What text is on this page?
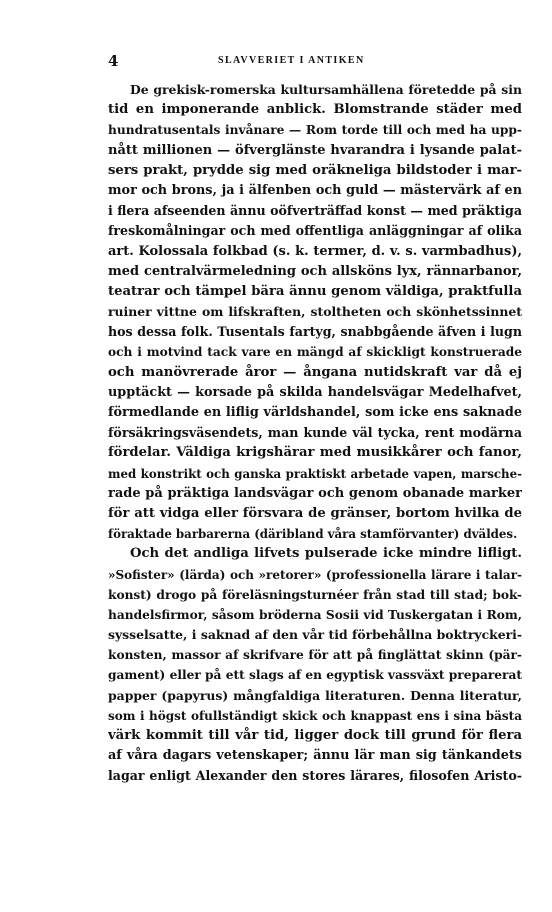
4	SLAVVERIET I ANTIKEN
De grekisk-romerska kultursamhällena företedde på sin
tid en imponerande anblick. Blomstrande städer med
hundratusentals invånare — Rom torde till och med ha upp-
nått millionen — öfverglänste hvarandra i lysande palat-
sers prakt, prydde sig med oräkneliga bildstoder i mar-
mor och brons, ja i älfenben och guld — mästervärk af en
i flera afseenden ännu oöfverträffad konst — med präktiga
freskomålningar och med offentliga anläggningar af olika
art. Kolossala folkbad (s. k. termer, d. v. s. varmbadhus),
med centralvärmeledning och allsköns lyx, rännarbanor,
teatrar och tämpel bära ännu genom väldiga, praktfulla
ruiner vittne om lifskraften, stoltheten och skönhetssinnet
hos dessa folk. Tusentals fartyg, snabbgående äfven i lugn
och i motvind tack vare en mängd af skickligt konstruerade
och manövrerade åror — ångana nutidskraft var då ej
upptäckt — korsade på skilda handelsvägar Medelhafvet,
förmedlande en liflig världshandel, som icke ens saknade
försäkringsväsendets, man kunde väl tycka, rent modärna
fördelar. Väldiga krigshärar med musikkårer och fanor,
med konstrikt och ganska praktiskt arbetade vapen, marsche-
rade på präktiga landsvägar och genom obanade marker
för att vidga eller försvara de gränser, bortom hvilka de
föraktade barbarerna (däribland våra stamförvanter) dväldes.
Och det andliga lifvets pulserade icke mindre lifligt.
»Sofister» (lärda) och »retorer» (professionella lärare i talar-
konst) drogo på föreläsningsturnéer från stad till stad; bok-
handelsfirmor, såsom bröderna Sosii vid Tuskergatan i Rom,
sysselsatte, i saknad af den vår tid förbehållna boktryckeri-
konsten, massor af skrifvare för att på finglättat skinn (pär-
gament) eller på ett slags af en egyptisk vassväxt preparerat
papper (papyrus) mångfaldiga literaturen. Denna literatur,
som i högst ofullständigt skick och knappast ens i sina bästa
värk kommit till vår tid, ligger dock till grund för flera
af våra dagars vetenskaper; ännu lär man sig tänkandets
lagar enligt Alexander den stores lärares, filosofen Aristo-
